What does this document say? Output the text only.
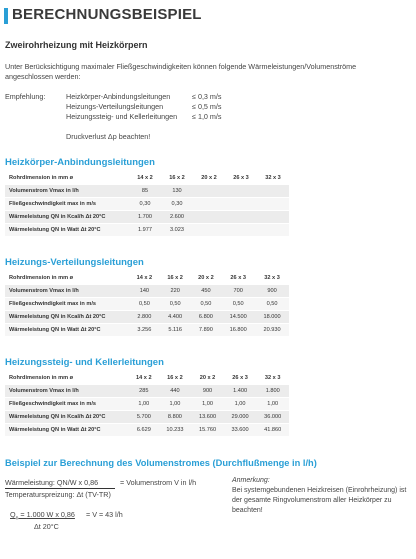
BERECHNUNGSBEISPIEL
Zweirohrheizung mit Heizkörpern
Unter Berücksichtigung maximaler Fließgeschwindigkeiten können folgende Wärmeleistungen/Volumenströme angeschlossen werden:
Empfehlung:	Heizkörper-Anbindungsleitungen	≤ 0,3 m/s
Heizungs-Verteilungsleitungen	≤ 0,5 m/s
Heizungssteig- und Kellerleitungen ≤ 1,0 m/s
Druckverlust Δp beachten!
Heizkörper-Anbindungsleitungen
Rohrdimension in mm ø	14 x 2	16 x 2	20 x 2	26 x 3	32 x 3
Volumenstrom Vmax in l/h	85	130			
Fließgeschwindigkeit max in m/s	0,30	0,30			
Wärmeleistung QN in Kcal/h Δt 20°C	1.700	2.600			
Wärmeleistung QN in Watt Δt 20°C	1.977	3.023			
Heizungs-Verteilungsleitungen
Rohrdimension in mm ø	14 x 2	16 x 2	20 x 2	26 x 3	32 x 3
Volumenstrom Vmax in l/h	140	220	450	700	900
Fließgeschwindigkeit max in m/s	0,50	0,50	0,50	0,50	0,50
Wärmeleistung QN in Kcal/h Δt 20°C	2.800	4.400	6.800	14.500	18.000
Wärmeleistung QN in Watt Δt 20°C	3.256	5.116	7.890	16.800	20.930
Heizungssteig- und Kellerleitungen
Rohrdimension in mm ø	14 x 2	16 x 2	20 x 2	26 x 3	32 x 3
Volumenstrom Vmax in l/h	285	440	900	1.400	1.800
Fließgeschwindigkeit max in m/s	1,00	1,00	1,00	1,00	1,00
Wärmeleistung QN in Kcal/h Δt 20°C	5.700	8.800	13.600	29.000	36.000
Wärmeleistung QN in Watt Δt 20°C	6.629	10.233	15.760	33.600	41.860
Beispiel zur Berechnung des Volumenstromes (Durchflußmenge in l/h)
Wärmeleistung: QN/W x 0,86	= Volumenstrom V in l/h
Temperaturspreizung: Δt (TV-TR)
$Q_n = 1.000$ W x 0,86 = V = 43 l/h
Δt 20°C
Anmerkung:
Bei systemgebundenen Heizkreisen (Einrohrheizung) ist der gesamte Ringvolumenstrom aller Heizkörper zu beachten!
